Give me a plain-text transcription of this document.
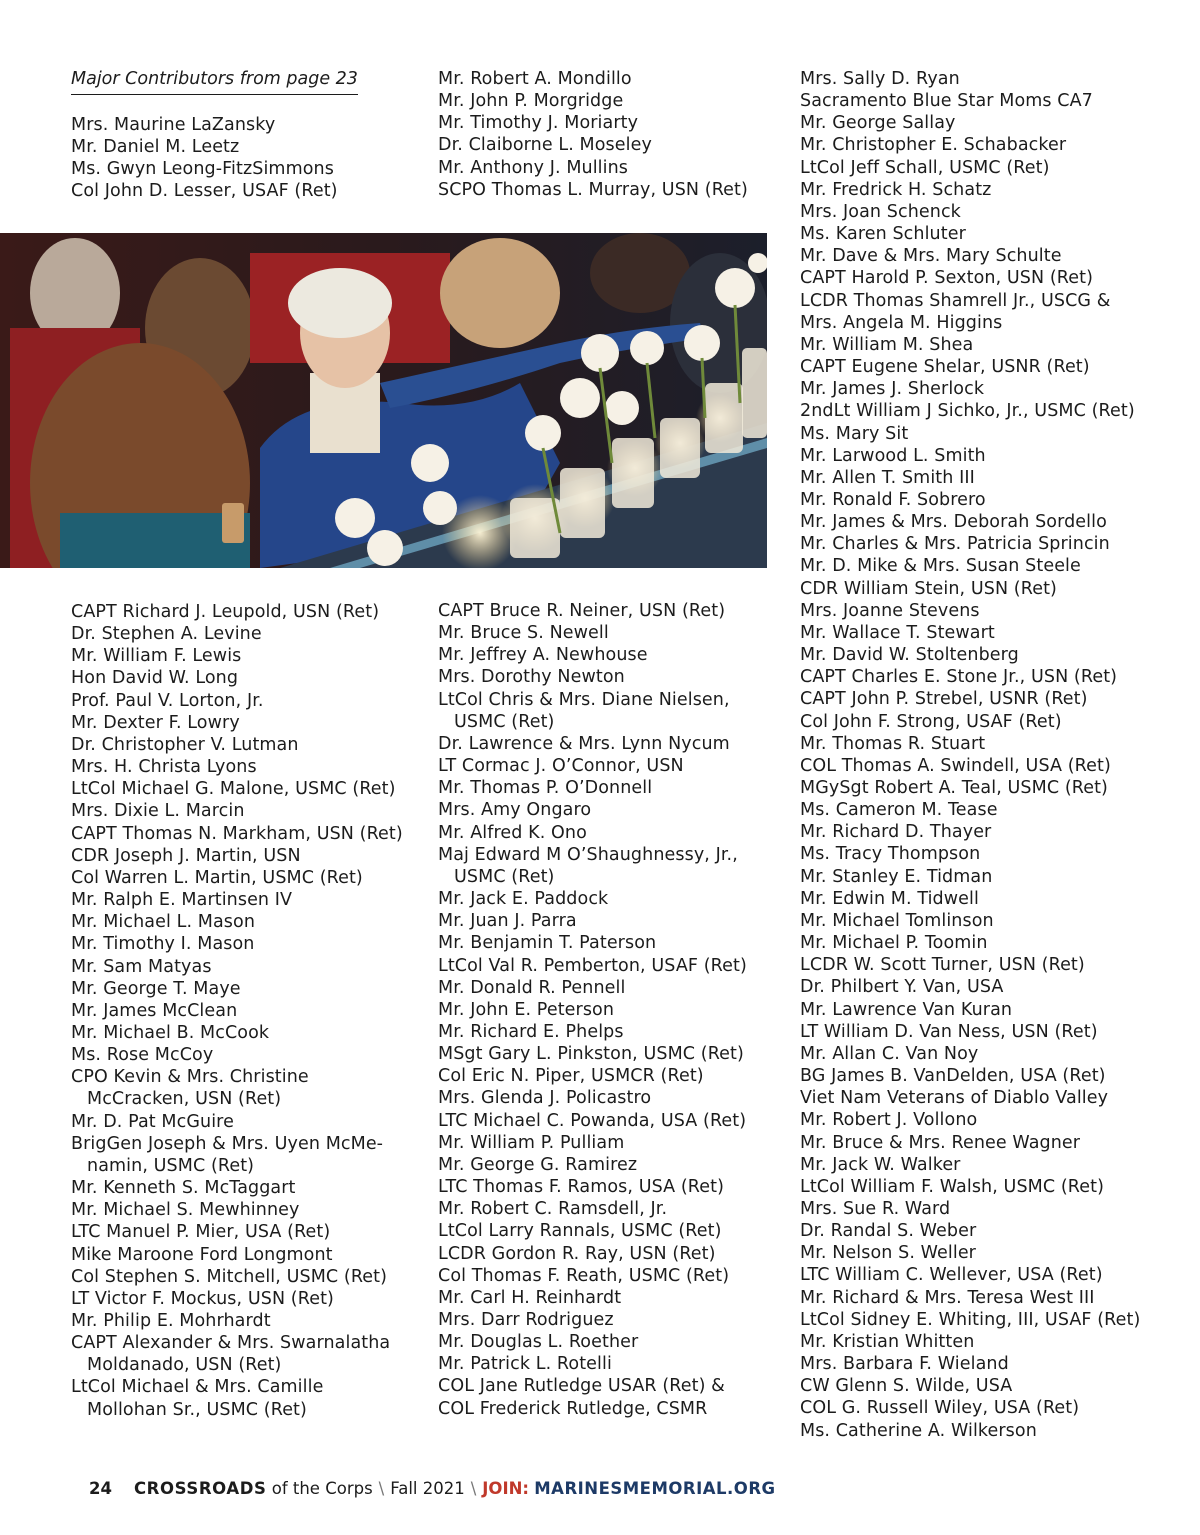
Major Contributors from page 23
Mrs. Maurine LaZansky
Mr. Daniel M. Leetz
Ms. Gwyn Leong-FitzSimmons
Col John D. Lesser, USAF (Ret)
Mr. Robert A. Mondillo
Mr. John P. Morgridge
Mr. Timothy J. Moriarty
Dr. Claiborne L. Moseley
Mr. Anthony J. Mullins
SCPO Thomas L. Murray, USN (Ret)
Mrs. Sally D. Ryan
Sacramento Blue Star Moms CA7
Mr. George Sallay
Mr. Christopher E. Schabacker
LtCol Jeff Schall, USMC (Ret)
Mr. Fredrick H. Schatz
Mrs. Joan Schenck
Ms. Karen Schluter
Mr. Dave & Mrs. Mary Schulte
CAPT Harold P. Sexton, USN (Ret)
LCDR Thomas Shamrell Jr., USCG &
Mrs. Angela M. Higgins
Mr. William M. Shea
CAPT Eugene Shelar, USNR (Ret)
Mr. James J. Sherlock
2ndLt William J Sichko, Jr., USMC (Ret)
Ms. Mary Sit
Mr. Larwood L. Smith
Mr. Allen T. Smith III
Mr. Ronald F. Sobrero
Mr. James & Mrs. Deborah Sordello
Mr. Charles & Mrs. Patricia Sprincin
Mr. D. Mike & Mrs. Susan Steele
CDR William Stein, USN (Ret)
Mrs. Joanne Stevens
Mr. Wallace T. Stewart
Mr. David W. Stoltenberg
CAPT Charles E. Stone Jr., USN (Ret)
CAPT John P. Strebel, USNR (Ret)
Col John F. Strong, USAF (Ret)
Mr. Thomas R. Stuart
COL Thomas A. Swindell, USA (Ret)
MGySgt Robert A. Teal, USMC (Ret)
Ms. Cameron M. Tease
Mr. Richard D. Thayer
Ms. Tracy Thompson
Mr. Stanley E. Tidman
Mr. Edwin M. Tidwell
Mr. Michael Tomlinson
Mr. Michael P. Toomin
LCDR W. Scott Turner, USN (Ret)
Dr. Philbert Y. Van, USA
Mr. Lawrence Van Kuran
LT William D. Van Ness, USN (Ret)
Mr. Allan C. Van Noy
BG James B. VanDelden, USA (Ret)
Viet Nam Veterans of Diablo Valley
Mr. Robert J. Vollono
Mr. Bruce & Mrs. Renee Wagner
Mr. Jack W. Walker
LtCol William F. Walsh, USMC (Ret)
Mrs. Sue R. Ward
Dr. Randal S. Weber
Mr. Nelson S. Weller
LTC William C. Wellever, USA (Ret)
Mr. Richard & Mrs. Teresa West III
LtCol Sidney E. Whiting, III, USAF (Ret)
Mr. Kristian Whitten
Mrs. Barbara F. Wieland
CW Glenn S. Wilde, USA
COL G. Russell Wiley, USA (Ret)
Ms. Catherine A. Wilkerson
CAPT Richard J. Leupold, USN (Ret)
Dr. Stephen A. Levine
Mr. William F. Lewis
Hon David W. Long
Prof. Paul V. Lorton, Jr.
Mr. Dexter F. Lowry
Dr. Christopher V. Lutman
Mrs. H. Christa Lyons
LtCol Michael G. Malone, USMC (Ret)
Mrs. Dixie L. Marcin
CAPT Thomas N. Markham, USN (Ret)
CDR Joseph J. Martin, USN
Col Warren L. Martin, USMC (Ret)
Mr. Ralph E. Martinsen IV
Mr. Michael L. Mason
Mr. Timothy I. Mason
Mr. Sam Matyas
Mr. George T. Maye
Mr. James McClean
Mr. Michael B. McCook
Ms. Rose McCoy
CPO Kevin & Mrs. Christine
McCracken, USN (Ret)
Mr. D. Pat McGuire
BrigGen Joseph & Mrs. Uyen McMe-
namin, USMC (Ret)
Mr. Kenneth S. McTaggart
Mr. Michael S. Mewhinney
LTC Manuel P. Mier, USA (Ret)
Mike Maroone Ford Longmont
Col Stephen S. Mitchell, USMC (Ret)
LT Victor F. Mockus, USN (Ret)
Mr. Philip E. Mohrhardt
CAPT Alexander & Mrs. Swarnalatha
Moldanado, USN (Ret)
LtCol Michael & Mrs. Camille
Mollohan Sr., USMC (Ret)
CAPT Bruce R. Neiner, USN (Ret)
Mr. Bruce S. Newell
Mr. Jeffrey A. Newhouse
Mrs. Dorothy Newton
LtCol Chris & Mrs. Diane Nielsen,
USMC (Ret)
Dr. Lawrence & Mrs. Lynn Nycum
LT Cormac J. O’Connor, USN
Mr. Thomas P. O’Donnell
Mrs. Amy Ongaro
Mr. Alfred K. Ono
Maj Edward M O’Shaughnessy, Jr.,
USMC (Ret)
Mr. Jack E. Paddock
Mr. Juan J. Parra
Mr. Benjamin T. Paterson
LtCol Val R. Pemberton, USAF (Ret)
Mr. Donald R. Pennell
Mr. John E. Peterson
Mr. Richard E. Phelps
MSgt Gary L. Pinkston, USMC (Ret)
Col Eric N. Piper, USMCR (Ret)
Mrs. Glenda J. Policastro
LTC Michael C. Powanda, USA (Ret)
Mr. William P. Pulliam
Mr. George G. Ramirez
LTC Thomas F. Ramos, USA (Ret)
Mr. Robert C. Ramsdell, Jr.
LtCol Larry Rannals, USMC (Ret)
LCDR Gordon R. Ray, USN (Ret)
Col Thomas F. Reath, USMC (Ret)
Mr. Carl H. Reinhardt
Mrs. Darr Rodriguez
Mr. Douglas L. Roether
Mr. Patrick L. Rotelli
COL Jane Rutledge USAR (Ret) &
COL Frederick Rutledge, CSMR
24 CROSSROADS of the Corps \ Fall 2021 \ JOIN: MARINESMEMORIAL.ORG
